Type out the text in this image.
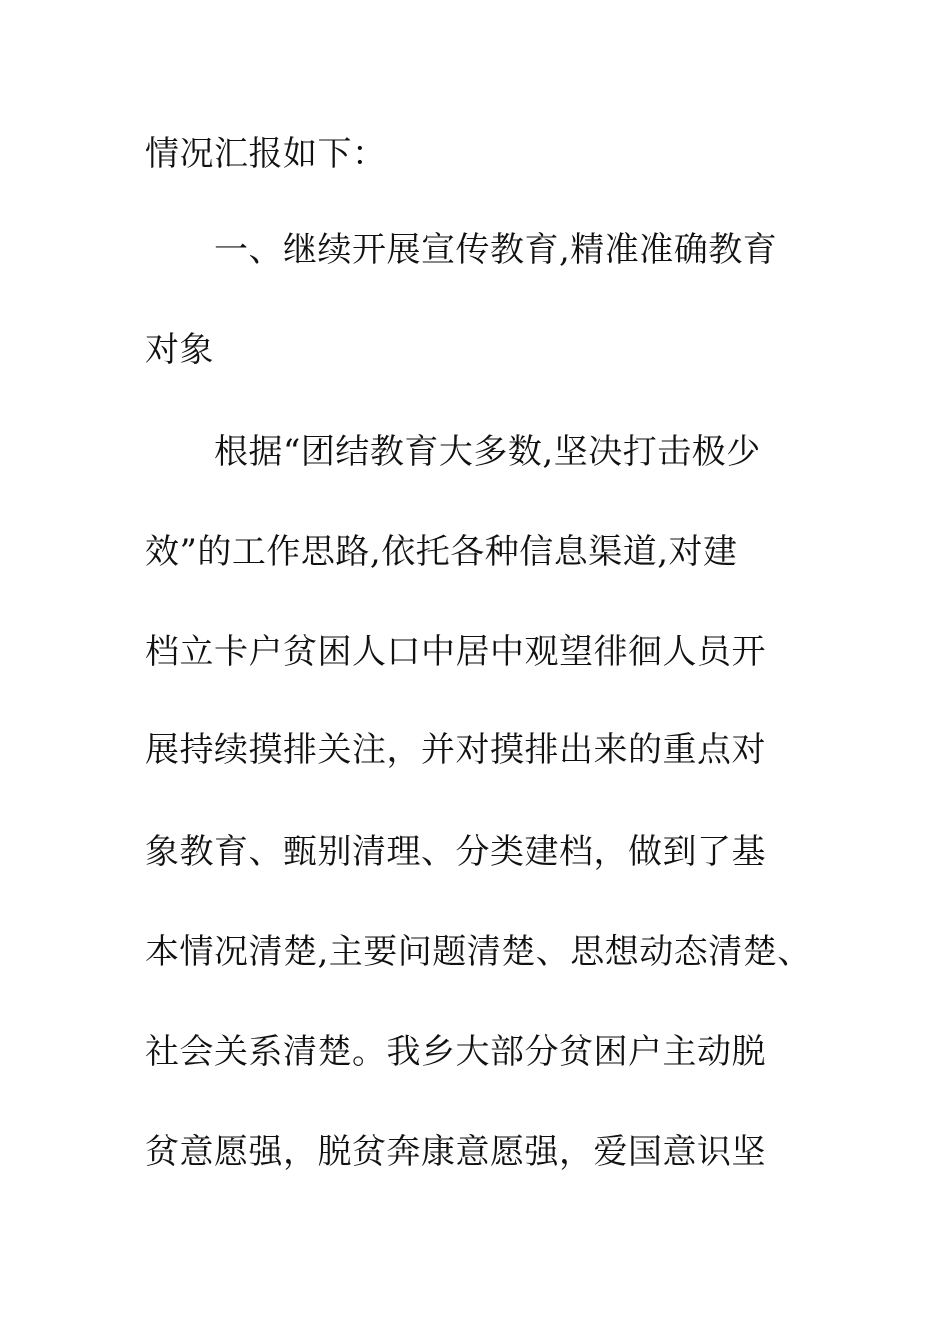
情况汇报如下：
一、继续开展宣传教育,精准准确教育
对象
根据“团结教育大多数,坚决打击极少
效”的工作思路,依托各种信息渠道,对建
档立卡户贫困人口中居中观望徘徊人员开
展持续摸排关注，并对摸排出来的重点对
象教育、甄别清理、分类建档，做到了基
本情况清楚,主要问题清楚、思想动态清楚、
社会关系清楚。我乡大部分贫困户主动脱
贫意愿强，脱贫奔康意愿强，爱国意识坚
